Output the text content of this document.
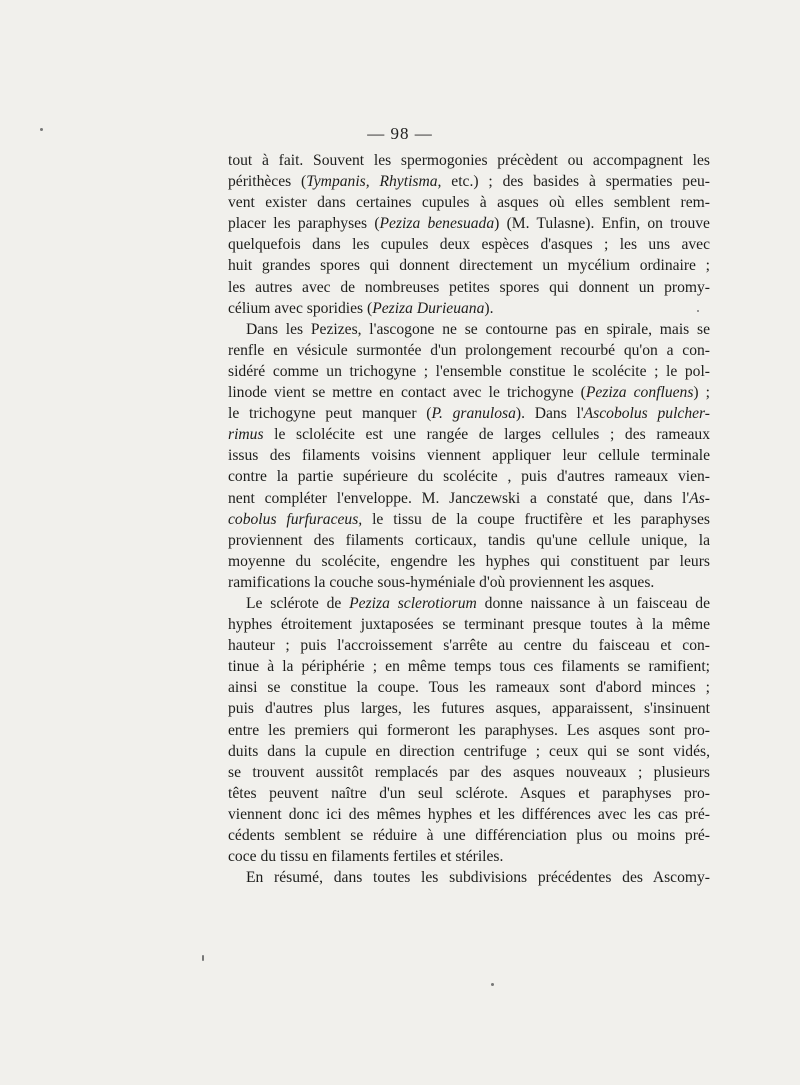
— 98 —
tout à fait. Souvent les spermogonies précèdent ou accompagnent les
périthèces (Tympanis, Rhytisma, etc.) ; des basides à spermaties peu-
vent exister dans certaines cupules à asques où elles semblent rem-
placer les paraphyses (Peziza benesuada) (M. Tulasne). Enfin, on trouve
quelquefois dans les cupules deux espèces d'asques ; les uns avec
huit grandes spores qui donnent directement un mycélium ordinaire ;
les autres avec de nombreuses petites spores qui donnent un promy-
célium avec sporidies (Peziza Durieuana).
Dans les Pezizes, l'ascogone ne se contourne pas en spirale, mais se
renfle en vésicule surmontée d'un prolongement recourbé qu'on a con-
sidéré comme un trichogyne ; l'ensemble constitue le scolécite ; le pol-
linode vient se mettre en contact avec le trichogyne (Peziza confluens) ;
le trichogyne peut manquer (P. granulosa). Dans l'Ascobolus pulcher-
rimus le sclolécite est une rangée de larges cellules ; des rameaux
issus des filaments voisins viennent appliquer leur cellule terminale
contre la partie supérieure du scolécite , puis d'autres rameaux vien-
nent compléter l'enveloppe. M. Janczewski a constaté que, dans l'As-
cobolus furfuraceus, le tissu de la coupe fructifère et les paraphyses
proviennent des filaments corticaux, tandis qu'une cellule unique, la
moyenne du scolécite, engendre les hyphes qui constituent par leurs
ramifications la couche sous-hyméniale d'où proviennent les asques.
Le sclérote de Peziza sclerotiorum donne naissance à un faisceau de
hyphes étroitement juxtaposées se terminant presque toutes à la même
hauteur ; puis l'accroissement s'arrête au centre du faisceau et con-
tinue à la périphérie ; en même temps tous ces filaments se ramifient;
ainsi se constitue la coupe. Tous les rameaux sont d'abord minces ;
puis d'autres plus larges, les futures asques, apparaissent, s'insinuent
entre les premiers qui formeront les paraphyses. Les asques sont pro-
duits dans la cupule en direction centrifuge ; ceux qui se sont vidés,
se trouvent aussitôt remplacés par des asques nouveaux ; plusieurs
têtes peuvent naître d'un seul sclérote. Asques et paraphyses pro-
viennent donc ici des mêmes hyphes et les différences avec les cas pré-
cédents semblent se réduire à une différenciation plus ou moins pré-
coce du tissu en filaments fertiles et stériles.
En résumé, dans toutes les subdivisions précédentes des Ascomy-
